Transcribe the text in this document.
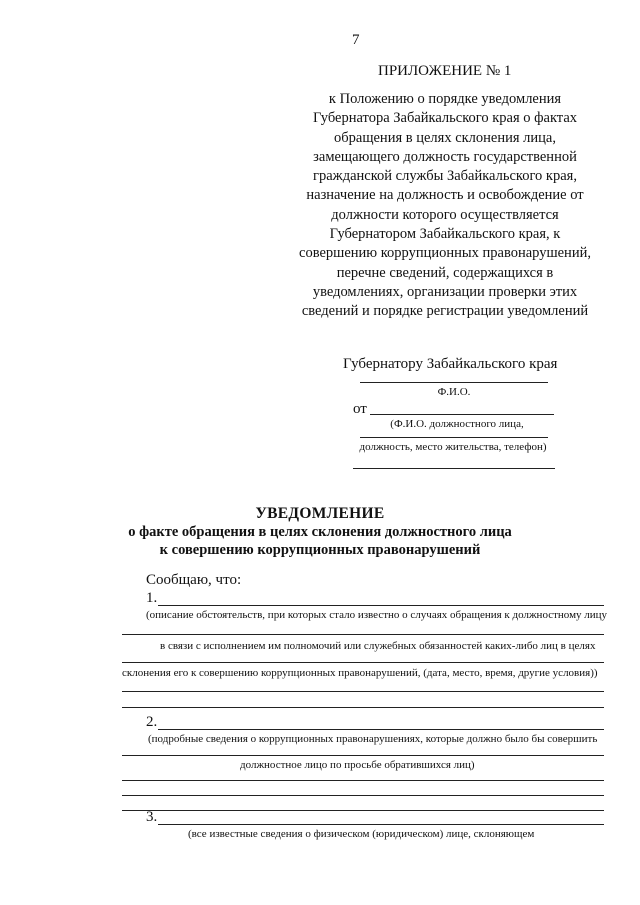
7
ПРИЛОЖЕНИЕ № 1
к Положению о порядке уведомления
Губернатора Забайкальского края о фактах
обращения в целях склонения лица,
замещающего должность государственной
гражданской службы Забайкальского края,
назначение на должность и освобождение от
должности которого осуществляется
Губернатором Забайкальского края, к
совершению коррупционных правонарушений,
перечне сведений, содержащихся в
уведомлениях, организации проверки этих
сведений и порядке регистрации уведомлений
Губернатору Забайкальского края
Ф.И.О.
от
(Ф.И.О. должностного лица,
должность, место жительства, телефон)
УВЕДОМЛЕНИЕ
о факте обращения в целях склонения должностного лица
к совершению коррупционных правонарушений
Сообщаю, что:
1.
(описание обстоятельств, при которых стало известно о случаях обращения к должностному лицу
в связи с исполнением им полномочий или служебных обязанностей каких-либо лиц в целях
склонения его к совершению коррупционных правонарушений, (дата, место, время, другие условия))
2.
(подробные сведения о коррупционных правонарушениях, которые должно было бы совершить
должностное лицо по просьбе обратившихся лиц)
3.
(все известные сведения о физическом (юридическом) лице, склоняющем
